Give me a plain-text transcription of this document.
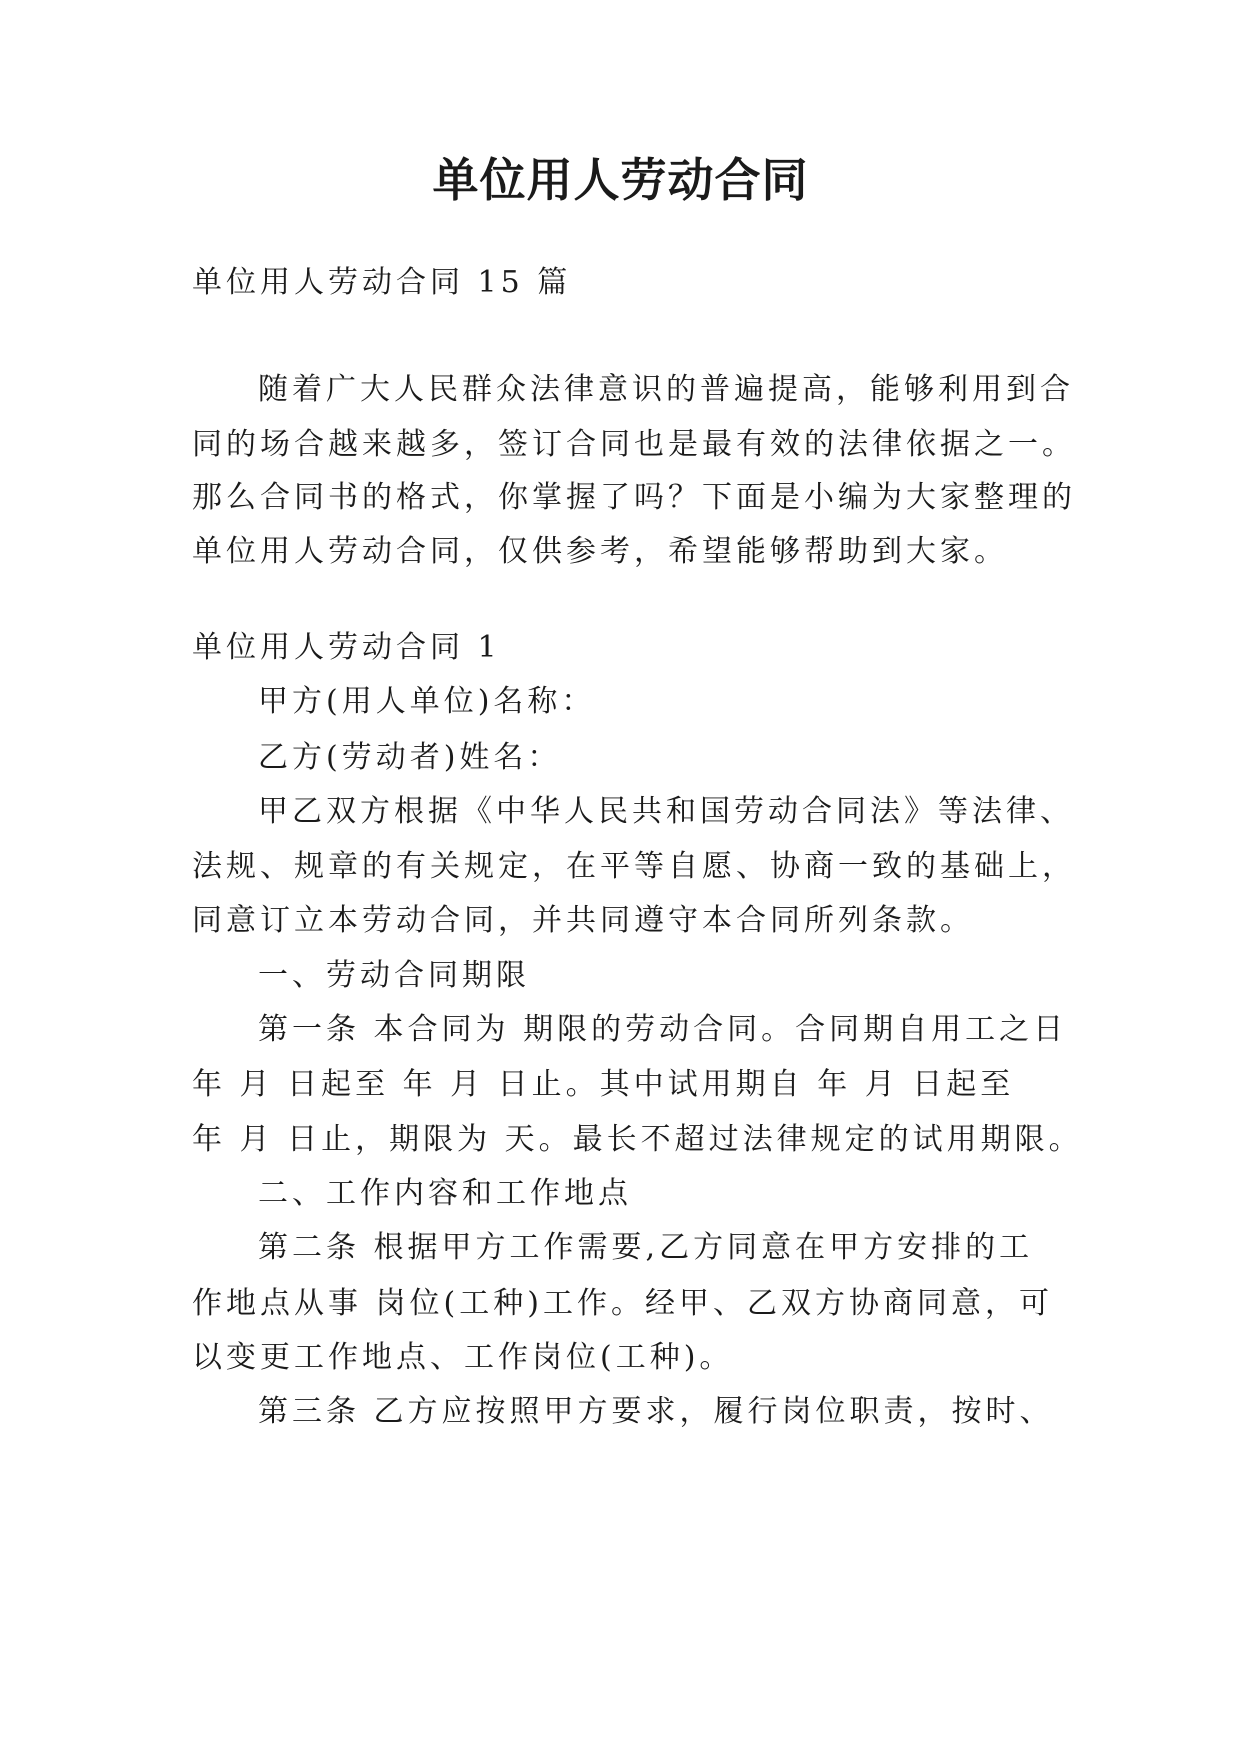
单位用人劳动合同
单位用人劳动合同 15 篇
随着广大人民群众法律意识的普遍提高，能够利用到合
同的场合越来越多，签订合同也是最有效的法律依据之一。
那么合同书的格式，你掌握了吗？下面是小编为大家整理的
单位用人劳动合同，仅供参考，希望能够帮助到大家。
单位用人劳动合同 1
甲方(用人单位)名称：
乙方(劳动者)姓名：
甲乙双方根据《中华人民共和国劳动合同法》等法律、
法规、规章的有关规定，在平等自愿、协商一致的基础上，
同意订立本劳动合同，并共同遵守本合同所列条款。
一、劳动合同期限
第一条 本合同为 期限的劳动合同。合同期自用工之日
年 月 日起至 年 月 日止。其中试用期自 年 月 日起至
年 月 日止，期限为 天。最长不超过法律规定的试用期限。
二、工作内容和工作地点
第二条 根据甲方工作需要,乙方同意在甲方安排的工
作地点从事 岗位(工种)工作。经甲、乙双方协商同意，可
以变更工作地点、工作岗位(工种)。
第三条 乙方应按照甲方要求，履行岗位职责，按时、
